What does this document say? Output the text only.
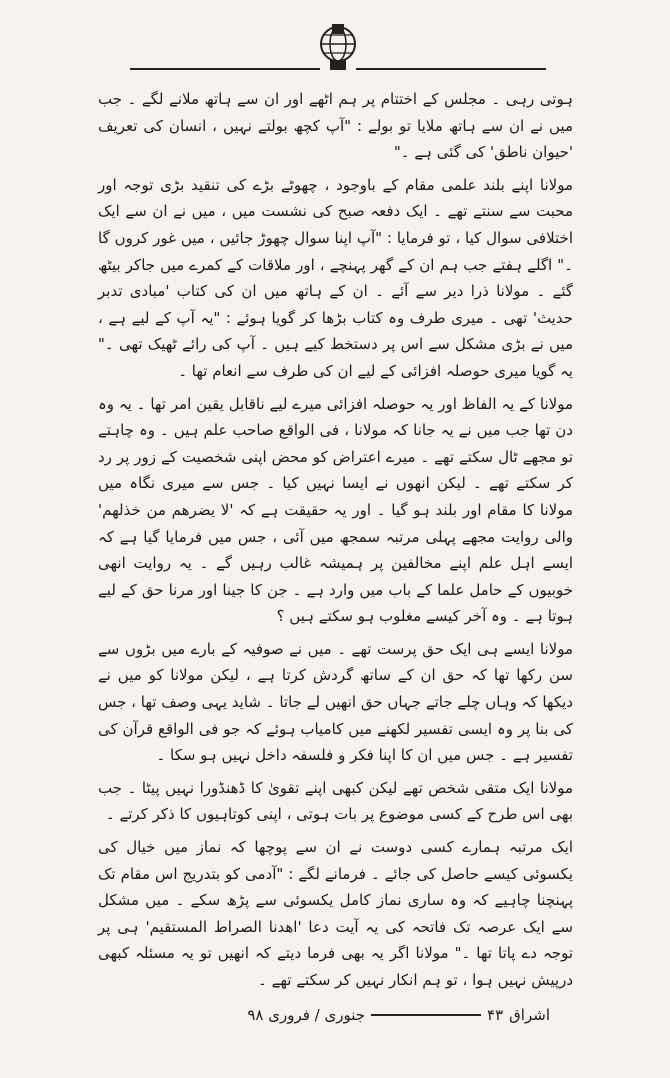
ہوتی رہی ۔ مجلس کے اختتام پر ہم اٹھے اور ان سے ہاتھ ملانے لگے ۔ جب میں نے ان سے ہاتھ ملایا تو بولے : "آپ کچھ بولتے نہیں ، انسان کی تعریف 'حیوان ناطق' کی گئی ہے ۔"

مولانا اپنے بلند علمی مقام کے باوجود ، چھوٹے بڑے کی تنقید بڑی توجہ اور محبت سے سنتے تھے ۔ ایک دفعہ صبح کی نشست میں ، میں نے ان سے ایک اختلافی سوال کیا ، تو فرمایا : "آپ اپنا سوال چھوڑ جائیں ، میں غور کروں گا ۔" اگلے ہفتے جب ہم ان کے گھر پہنچے ، اور ملاقات کے کمرے میں جاکر بیٹھ گئے ۔ مولانا ذرا دیر سے آئے ۔ ان کے ہاتھ میں ان کی کتاب 'مبادی تدبر حدیث' تھی ۔ میری طرف وہ کتاب بڑھا کر گویا ہوئے : "یہ آپ کے لیے ہے ، میں نے بڑی مشکل سے اس پر دستخط کیے ہیں ۔ آپ کی رائے ٹھیک تھی ۔" یہ گویا میری حوصلہ افزائی کے لیے ان کی طرف سے انعام تھا ۔

مولانا کے یہ الفاظ اور یہ حوصلہ افزائی میرے لیے ناقابل یقین امر تھا ۔ یہ وہ دن تھا جب میں نے یہ جانا کہ مولانا ، فی الواقع صاحب علم ہیں ۔ وہ چاہتے تو مجھے ٹال سکتے تھے ۔ میرے اعتراض کو محض اپنی شخصیت کے زور پر رد کر سکتے تھے ۔ لیکن انھوں نے ایسا نہیں کیا ۔ جس سے میری نگاہ میں مولانا کا مقام اور بلند ہو گیا ۔ اور یہ حقیقت ہے کہ 'لا یضرھم من خذلھم' والی روایت مجھے پہلی مرتبہ سمجھ میں آئی ، جس میں فرمایا گیا ہے کہ ایسے اہل علم اپنے مخالفین پر ہمیشہ غالب رہیں گے ۔ یہ روایت انھی خوبیوں کے حامل علما کے باب میں وارد ہے ۔ جن کا جینا اور مرنا حق کے لیے ہوتا ہے ۔ وہ آخر کیسے مغلوب ہو سکتے ہیں ؟

مولانا ایسے ہی ایک حق پرست تھے ۔ میں نے صوفیہ کے بارے میں بڑوں سے سن رکھا تھا کہ حق ان کے ساتھ گردش کرتا ہے ، لیکن مولانا کو میں نے دیکھا کہ وہاں چلے جاتے جہاں حق انھیں لے جاتا ۔ شاید یہی وصف تھا ، جس کی بنا پر وہ ایسی تفسیر لکھنے میں کامیاب ہوئے کہ جو فی الواقع قرآن کی تفسیر ہے ۔ جس میں ان کا اپنا فکر و فلسفہ داخل نہیں ہو سکا ۔

مولانا ایک متقی شخص تھے لیکن کبھی اپنے تقویٰ کا ڈھنڈورا نہیں پیٹا ۔ جب بھی اس طرح کے کسی موضوع پر بات ہوتی ، اپنی کوتاہیوں کا ذکر کرتے ۔

ایک مرتبہ ہمارے کسی دوست نے ان سے پوچھا کہ نماز میں خیال کی یکسوئی کیسے حاصل کی جائے ۔ فرمانے لگے : "آدمی کو بتدریج اس مقام تک پہنچنا چاہیے کہ وہ ساری نماز کامل یکسوئی سے پڑھ سکے ۔ میں مشکل سے ایک عرصہ تک فاتحہ کی یہ آیت دعا 'اھدنا الصراط المستقیم' ہی پر توجہ دے پاتا تھا ۔" مولانا اگر یہ بھی فرما دیتے کہ انھیں تو یہ مسئلہ کبھی درپیش نہیں ہوا ، تو ہم انکار نہیں کر سکتے تھے ۔

اشراق
۴۳
جنوری / فروری ۹۸
